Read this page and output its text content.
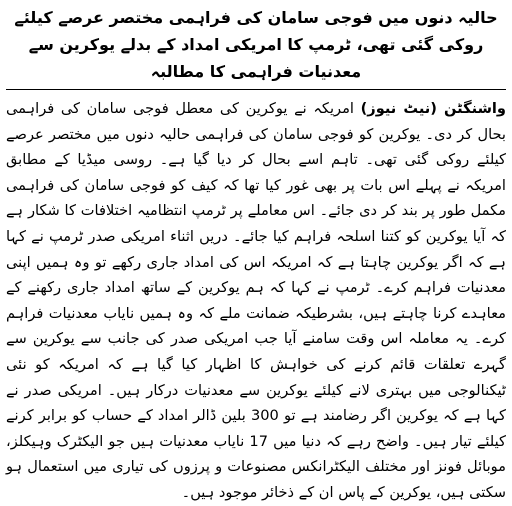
حالیہ دنوں میں فوجی سامان کی فراہمی مختصر عرصے کیلئے روکی گئی تھی، ٹرمپ کا امریکی امداد کے بدلے یوکرین سے
معدنیات فراہمی کا مطالبہ

واشنگٹن (نیٹ نیوز) امریکہ نے یوکرین کی معطل فوجی سامان کی فراہمی بحال کر دی۔ یوکرین کو فوجی سامان کی فراہمی حالیہ دنوں میں مختصر عرصے کیلئے روکی گئی تھی۔ تاہم اسے بحال کر دیا گیا ہے۔ روسی میڈیا کے مطابق امریکہ نے پہلے اس بات پر بھی غور کیا تھا کہ کیف کو فوجی سامان کی فراہمی مکمل طور پر بند کر دی جائے۔ اس معاملے پر ٹرمپ انتظامیہ اختلافات کا شکار ہے کہ آیا یوکرین کو کتنا اسلحہ فراہم کیا جائے۔ دریں اثناء امریکی صدر ٹرمپ نے کہا ہے کہ اگر یوکرین چاہتا ہے کہ امریکہ اس کی امداد جاری رکھے تو وہ ہمیں اپنی معدنیات فراہم کرے۔ ٹرمپ نے کہا کہ ہم یوکرین کے ساتھ امداد جاری رکھنے کے معاہدے کرنا چاہتے ہیں، بشرطیکہ ضمانت ملے کہ وہ ہمیں نایاب معدنیات فراہم کرے۔ یہ معاملہ اس وقت سامنے آیا جب امریکی صدر کی جانب سے یوکرین سے گہرے تعلقات قائم کرنے کی خواہش کا اظہار کیا گیا ہے کہ امریکہ کو نئی ٹیکنالوجی میں بہتری لانے کیلئے یوکرین سے معدنیات درکار ہیں۔ امریکی صدر نے کہا ہے کہ یوکرین اگر رضامند ہے تو 300 بلین ڈالر امداد کے حساب کو برابر کرنے کیلئے تیار ہیں۔ واضح رہے کہ دنیا میں 17 نایاب معدنیات ہیں جو الیکٹرک وہیکلز، موبائل فونز اور مختلف الیکٹرانکس مصنوعات و پرزوں کی تیاری میں استعمال ہو سکتی ہیں، یوکرین کے پاس ان کے ذخائر موجود ہیں۔
